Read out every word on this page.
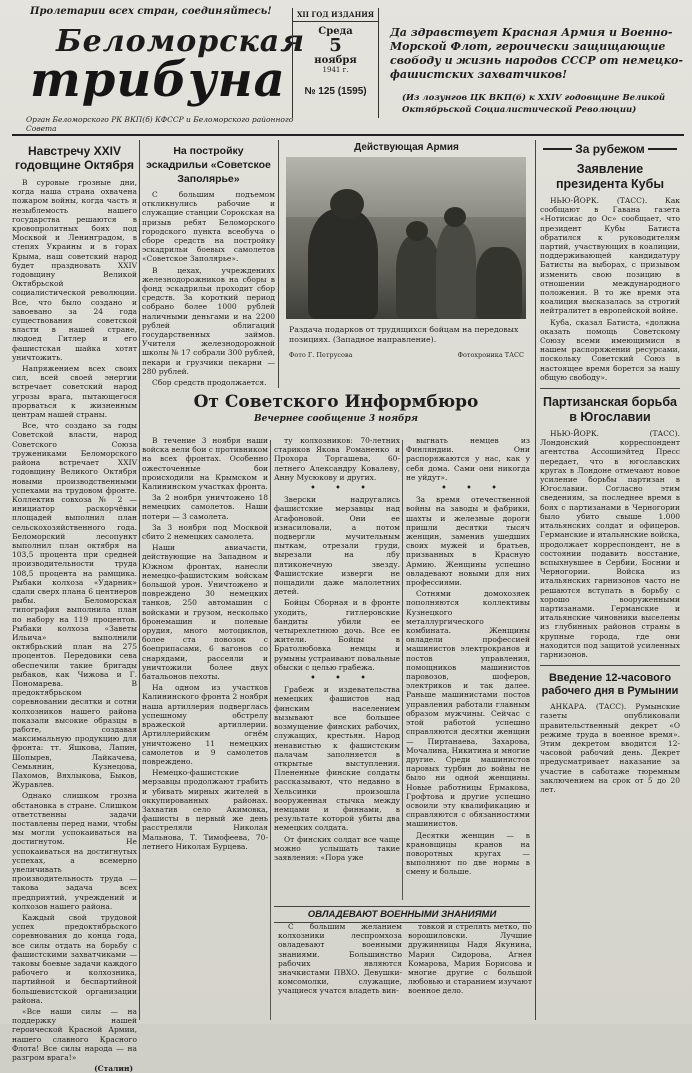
Пролетарии всех стран, соединяйтесь!
Беломорская
трибуна
Орган Беломорского РК ВКП(б) КФССР и Беломорского районного Совета
XII ГОД ИЗДАНИЯ
Среда
5
ноября
1941 г.
№ 125 (1595)
Да здравствует Красная Армия и Военно-Морской Флот, героически защищающие свободу и жизнь народов СССР от немецко-фашистских захватчиков!
(Из лозунгов ЦК ВКП(б) к XXIV годовщине Великой Октябрьской Социалистической Революции)
Навстречу XXIV годовщине Октября

В суровые грозные дни, когда наша страна охвачена пожаром войны, когда часть и незыблемость нашего государства решаются в кровопролитных боях под Москвой и Ленинградом, в степях Украины и в горах Крыма, наш советский народ будет праздновать XXIV годовщину Великой Октябрьской социалистической революции. Все, что было создано и завоевано за 24 года существования советской власти в нашей стране, людоед Гитлер и его фашистская шайка хотят уничтожить.

Напряжением всех своих сил, всей своей энергии встречает советский народ угрозы врага, пытающегося прорваться к жизненным центрам нашей страны.

Все, что создано за годы Советской власти, народ Советского Союза тружениками Беломорского района встречает XXIV годовщину Великого Октября новыми производственными успехами на трудовом фронте. Коллектив совхоза № 2 — инициатор раскорчёвки площадей выполнил план сельскохозяйственного года. Беломорский лесопункт выполнил план октября на 103,5 процента при средней производительности труда 108,5 процента на рамщика. Рыбаки колхоза «Ударник» сдали сверх плана 6 центнеров рыбы. Беломорская типография выполнила план по набору на 119 процентов. Рыбаки колхоза «Заветы Ильича» выполнили октябрьский план на 275 процентов. Передовики сева обеспечили такие бригады рыбаков, как Чижова и Г. Пономарева. В предоктябрьском соревновании десятки и сотни колхозников нашего района показали высокие образцы в работе, создавая максимальную продукцию для фронта: тт. Яшкова, Лапин, Шопырев, Лайкачева, Семьянин, Кузнецова, Пахомов, Вяхлыкова, Быков, Журавлев.

Однако слишком грозна обстановка в стране. Слишком ответственны задачи поставлены перед нами, чтобы мы могли успокаиваться на достигнутом. Не успокаиваться на достигнутых успехах, а всемерно увеличивать производительность труда — такова задача всех предприятий, учреждений и колхозов нашего района.

Каждый свой трудовой успех предоктябрьского соревнования до конца года, все силы отдать на борьбу с фашистскими захватчиками — таковы боевые задачи каждого рабочего и колхозника, партийной и беспартийной большевистской организации района.

«Все наши силы — на поддержку нашей героической Красной Армии, нашего славного Красного Флота! Все силы народа — на разгром врага!»

(Сталин)
На постройку эскадрильи «Советское Заполярье»

С большим подъемом откликнулись рабочие и служащие станции Сорокская на призыв ребят Беломорского городского пункта всеобуча о сборе средств на постройку эскадрильи боевых самолетов «Советское Заполярье».

В цехах, учреждениях железнодорожников на сборы в фонд эскадрильи проходит сбор средств. За короткий период собрано более 1000 рублей наличными деньгами и на 2200 рублей облигаций государственных займов. Учителя железнодорожной школы № 17 собрали 300 рублей, пекари и грузчики пекарни — 280 рублей.

Сбор средств продолжается.

Действующая Армия
Раздача подарков от трудящихся бойцам на передовых позициях. (Западное направление).
Фото Г. Петрусова	Фотохроника ТАСС
От Советского Информбюро
Вечернее сообщение 3 ноября

В течение 3 ноября наши войска вели бои с противником на всех фронтах. Особенно ожесточенные бои происходили на Крымском и Калининском участках фронта.

За 2 ноября уничтожено 18 немецких самолетов. Наши потери — 3 самолета.

За 3 ноября под Москвой сбито 2 немецких самолета.

Наши авиачасти, действующие на Западном и Южном фронтах, нанесли немецко-фашистским войскам большой урон. Уничтожено и повреждено 30 немецких танков, 250 автомашин с войсками и грузом, несколько бронемашин и полевые орудия, много мотоциклов, более ста повозок с боеприпасами, 6 вагонов со снарядами, рассеяли и уничтожили более двух батальонов пехоты.

На одном из участков Калининского фронта 2 ноября наша артиллерия подверглась успешному обстрелу вражеской артиллерии. Артиллерийским огнём уничтожено 11 немецких самолетов и 9 самолетов повреждено.

Немецко-фашистские мерзавцы продолжают грабить и убивать мирных жителей в оккупированных районах. Захватив село Акимовка, фашисты в первый же день расстреляли Николая Мальнова, Т. Тимофеева, 70-летнего Николая Бурцева.

ту колхозников: 70-летних стариков Якова Романенко и Прохора Торгашева, 60-летнего Александру Ковалеву, Анну Мусюкову и других.

• • •

Зверски надругались фашистские мерзавцы над Агафоновой. Они ее изнасиловали, а потом подвергли мучительным пыткам, отрезали груди, вырезали на лбу пятиконечную звезду. Фашистские изверги не пощадили даже малолетних детей.

Бойцы Сборная и в фронте уходить, гитлеровские бандиты убили ее четырехлетнюю дочь. Все ее жители. Бойцы в Братолюбовка немцы и румыны устраивают повальные обыски с целью грабежа.

• • •

Грабеж и издевательства немецких фашистов над финским населением вызывают все большее возмущение финских рабочих, служащих, крестьян. Народ ненавистью к фашистским палачам заполняется в открытые выступления. Плененные финские солдаты рассказывают, что недавно в Хельсинки произошла вооруженная стычка между немцами и финнами, в результате которой убиты два немецких солдата.

От финских солдат все чаще можно услышать такие заявления: «Пора уже

выгнать немцев из Финляндии. Они распоряжаются у нас, как у себя дома. Сами они никогда не уйдут».

• • •

За время отечественной войны на заводы и фабрики, шахты и железные дороги пришли десятки тысяч женщин, заменив ушедших своих мужей и братьев, призванных в Красную Армию. Женщины успешно овладевают новыми для них профессиями.

Сотнями домохозяек пополняются коллективы Кузнецкого металлургического комбината. Женщины овладели профессией машинистов электрокранов и постов управления, помощников машинистов паровозов, шоферов, электриков и так далее. Раньше машинистами постов управления работали главным образом мужчины. Сейчас с этой работой успешно справляются десятки женщин — Пиртанаева, Захарова, Мочалина, Никитина и многие другие. Среди машинистов паровых турбин до войны не было ни одной женщины. Новые работницы Ермакова, Грофтова и другие успешно освоили эту квалификацию и справляются с обязанностями машинистов.

Десятки женщин — в крановщицы кранов на поворотных кругах — выполняют по две нормы в смену и больше.

ОВЛАДЕВАЮТ ВОЕННЫМИ ЗНАНИЯМИ
С большим желанием колхозники леспромхоза овладевают военными знаниями. Большинство рабочих являются значкистами ПВХО. Девушки-комсомолки, служащие, учащиеся учатся владеть вин-
товкой и стрелять метко, по ворошиловски. Лучшие дружинницы Надя Якунина, Мария Сидорова, Агнея Комарова, Мария Борисова и многие другие с большой любовью и старанием изучают военное дело.
За рубежом
Заявление президента Кубы

НЬЮ-ЙОРК. (ТАСС). Как сообщают в Гавана газета «Нотисиас до Ос» сообщает, что президент Кубы Батиста обратился к руководителям партий, участвующих в коалиции, поддерживающей кандидатуру Батисты на выборах, с призывом изменить свою позицию в отношении международного положения. В то же время эта коалиция высказалась за строгий нейтралитет в европейской войне.

Куба, сказал Батиста, «должна оказать помощь Советскому Союзу всеми имеющимися в нашем распоряжении ресурсами, поскольку Советский Союз в настоящее время борется за нашу общую свободу».

Партизанская борьба в Югославии

НЬЮ-ЙОРК. (ТАСС). Лондонский корреспондент агентства Ассошиэйтед Пресс передает, что в югославских кругах в Лондоне отмечают новое усиление борьбы партизан в Югославии. Согласно этим сведениям, за последнее время в боях с партизанами в Черногории было убито свыше 1.000 итальянских солдат и офицеров. Германские и итальянские войска, продолжает корреспондент, не в состоянии подавить восстание, вспыхнувшее в Сербии, Боснии и Черногории. Войска из итальянских гарнизонов часто не решаются вступать в борьбу с хорошо вооруженными партизанами. Германские и итальянские чиновники выселены из глубинных районов страны в крупные города, где они находятся под защитой усиленных гарнизонов.

Введение 12-часового рабочего дня в Румынии

АНКАРА. (ТАСС). Румынские газеты опубликовали правительственный декрет «О режиме труда в военное время». Этим декретом вводится 12-часовой рабочий день. Декрет предусматривает наказание за участие в саботаже тюремным заключением на срок от 5 до 20 лет.
